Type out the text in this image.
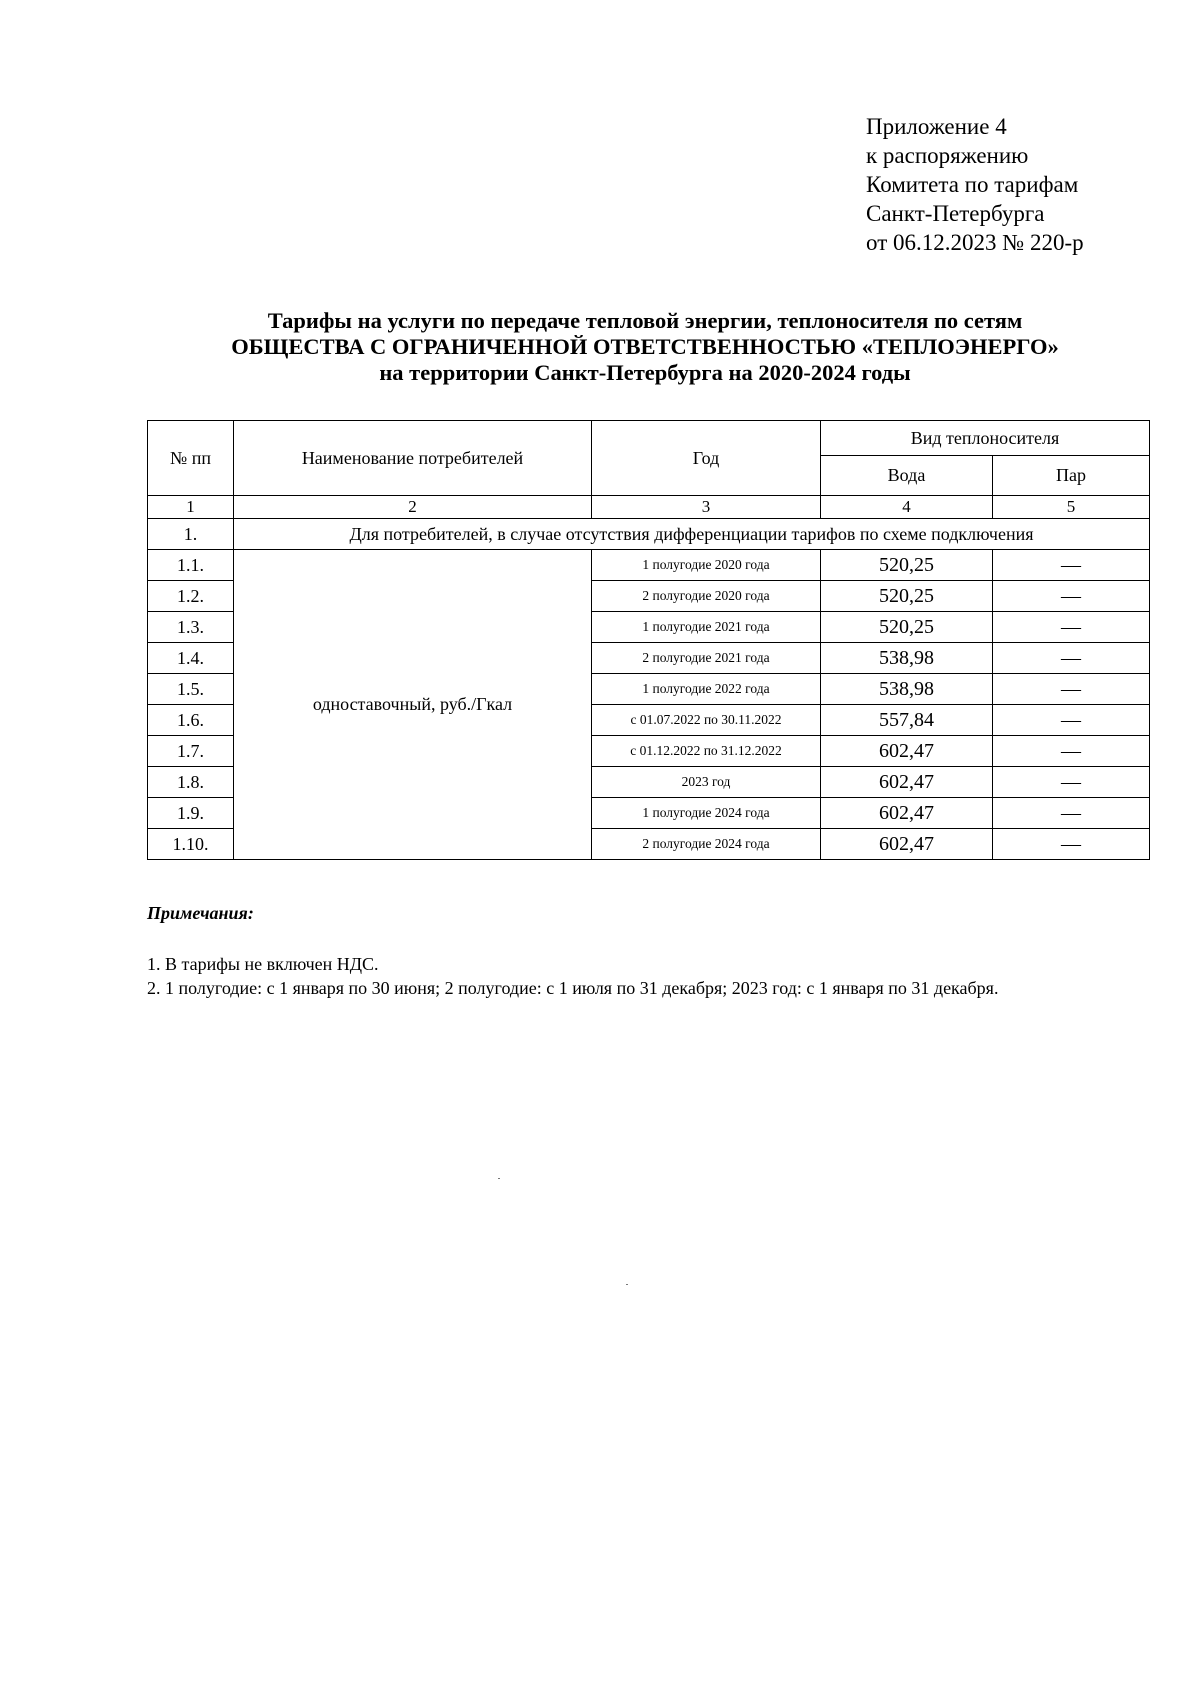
Приложение 4
к распоряжению
Комитета по тарифам
Санкт-Петербурга
от 06.12.2023 № 220-р
Тарифы на услуги по передаче тепловой энергии, теплоносителя по сетям
ОБЩЕСТВА С ОГРАНИЧЕННОЙ ОТВЕТСТВЕННОСТЬЮ «ТЕПЛОЭНЕРГО»
на территории Санкт-Петербурга на 2020-2024 годы
№ пп	Наименование потребителей	Год	Вид теплоносителя	
			Вода	Пар
1	2	3	4	5
1.	Для потребителей, в случае отсутствия дифференциации тарифов по схеме подключения			
1.1.	одноставочный, руб./Гкал	1 полугодие 2020 года	520,25	—
1.2.		2 полугодие 2020 года	520,25	—
1.3.		1 полугодие 2021 года	520,25	—
1.4.		2 полугодие 2021 года	538,98	—
1.5.		1 полугодие 2022 года	538,98	—
1.6.		с 01.07.2022 по 30.11.2022	557,84	—
1.7.		с 01.12.2022 по 31.12.2022	602,47	—
1.8.		2023 год	602,47	—
1.9.		1 полугодие 2024 года	602,47	—
1.10.		2 полугодие 2024 года	602,47	—
Примечания:
1. В тарифы не включен НДС.
2. 1 полугодие: с 1 января по 30 июня; 2 полугодие: с 1 июля по 31 декабря; 2023 год: с 1 января по 31 декабря.
